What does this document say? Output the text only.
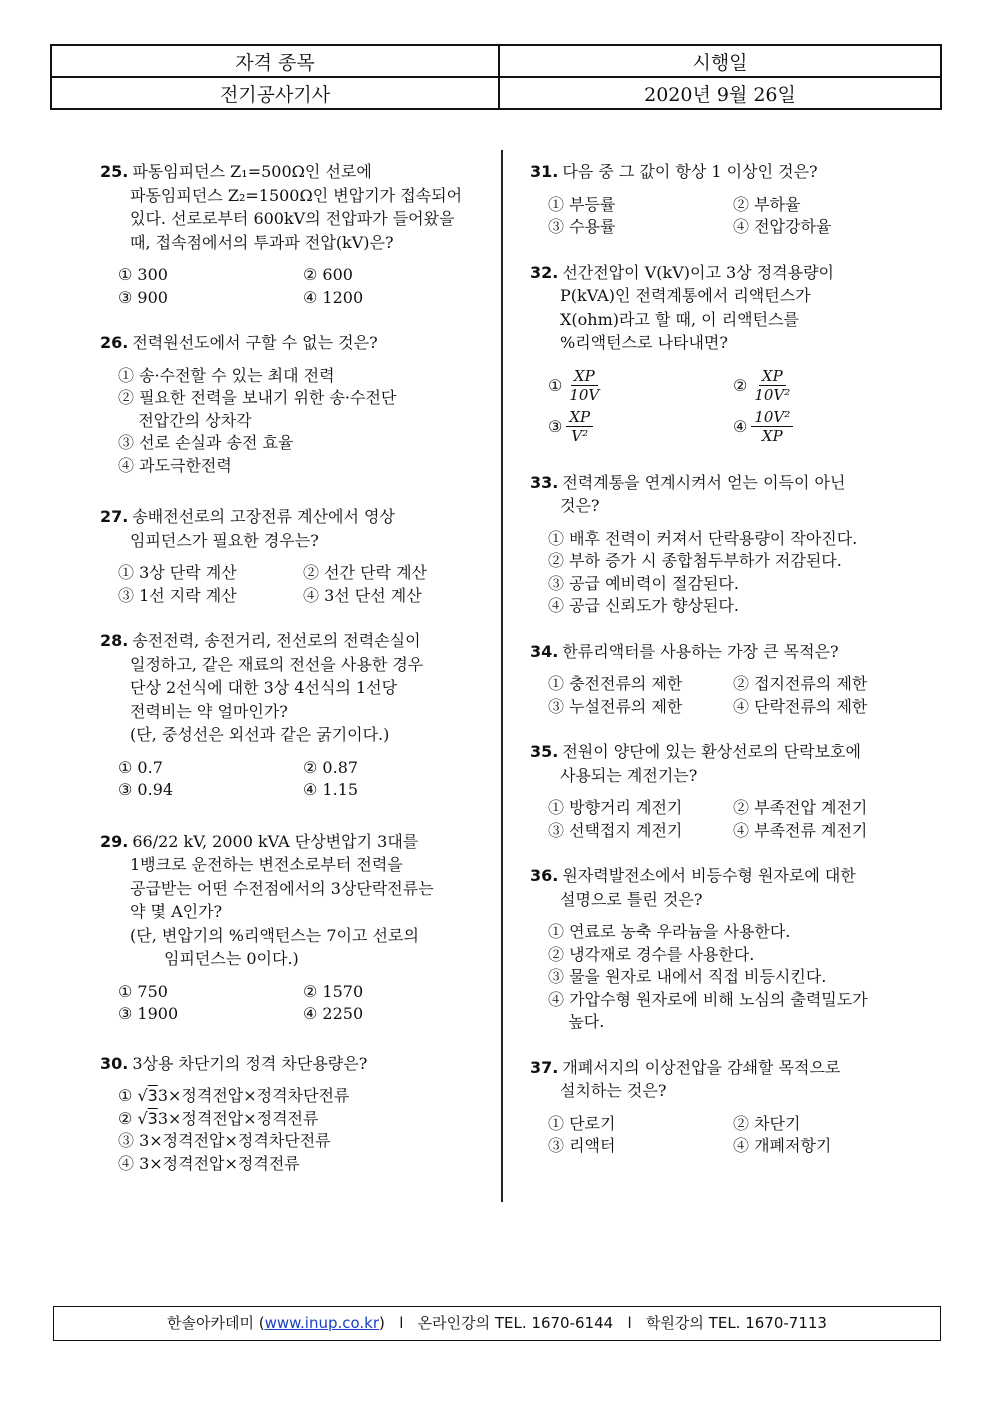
자격 종목	시행일
전기공사기사	2020년 9월 26일
25. 파동임피던스 Z₁=500Ω인 선로에
파동임피던스 Z₂=1500Ω인 변압기가 접속되어
있다. 선로로부터 600kV의 전압파가 들어왔을
때, 접속점에서의 투과파 전압(kV)은?
① 300	② 600
③ 900	④ 1200
26. 전력원선도에서 구할 수 없는 것은?
① 송·수전할 수 있는 최대 전력
② 필요한 전력을 보내기 위한 송·수전단
전압간의 상차각
③ 선로 손실과 송전 효율
④ 과도극한전력
27. 송배전선로의 고장전류 계산에서 영상
임피던스가 필요한 경우는?
① 3상 단락 계산	② 선간 단락 계산
③ 1선 지락 계산	④ 3선 단선 계산
28. 송전전력, 송전거리, 전선로의 전력손실이
일정하고, 같은 재료의 전선을 사용한 경우
단상 2선식에 대한 3상 4선식의 1선당
전력비는 약 얼마인가?
(단, 중성선은 외선과 같은 굵기이다.)
① 0.7	② 0.87
③ 0.94	④ 1.15
29. 66/22 kV, 2000 kVA 단상변압기 3대를
1뱅크로 운전하는 변전소로부터 전력을
공급받는 어떤 수전점에서의 3상단락전류는
약 몇 A인가?
(단, 변압기의 %리액턴스는 7이고 선로의
임피던스는 0이다.)
① 750	② 1570
③ 1900	④ 2250
30. 3상용 차단기의 정격 차단용량은?
① √33×정격전압×정격차단전류
② √33×정격전압×정격전류
③ 3×정격전압×정격차단전류
④ 3×정격전압×정격전류
31. 다음 중 그 값이 항상 1 이상인 것은?
① 부등률	② 부하율
③ 수용률	④ 전압강하율
32. 선간전압이 V(kV)이고 3상 정격용량이
P(kVA)인 전력계통에서 리액턴스가
X(ohm)라고 할 때, 이 리액턴스를
%리액턴스로 나타내면?
① $\frac{XP}{10V}$	② $\frac{XP}{\text{10V²}}$
③ $\frac{XP}{\text{V²}}$	④ $\frac{\text{10V²}}{XP}$
33. 전력계통을 연계시켜서 얻는 이득이 아닌
것은?
① 배후 전력이 커져서 단락용량이 작아진다.
② 부하 증가 시 종합첨두부하가 저감된다.
③ 공급 예비력이 절감된다.
④ 공급 신뢰도가 향상된다.
34. 한류리액터를 사용하는 가장 큰 목적은?
① 충전전류의 제한	② 접지전류의 제한
③ 누설전류의 제한	④ 단락전류의 제한
35. 전원이 양단에 있는 환상선로의 단락보호에
사용되는 계전기는?
① 방향거리 계전기	② 부족전압 계전기
③ 선택접지 계전기	④ 부족전류 계전기
36. 원자력발전소에서 비등수형 원자로에 대한
설명으로 틀린 것은?
① 연료로 농축 우라늄을 사용한다.
② 냉각재로 경수를 사용한다.
③ 물을 원자로 내에서 직접 비등시킨다.
④ 가압수형 원자로에 비해 노심의 출력밀도가
높다.
37. 개폐서지의 이상전압을 감쇄할 목적으로
설치하는 것은?
① 단로기	② 차단기
③ 리액터	④ 개폐저항기
한솔아카데미 (www.inup.co.kr)   l   온라인강의 TEL. 1670-6144   l   학원강의 TEL. 1670-7113
